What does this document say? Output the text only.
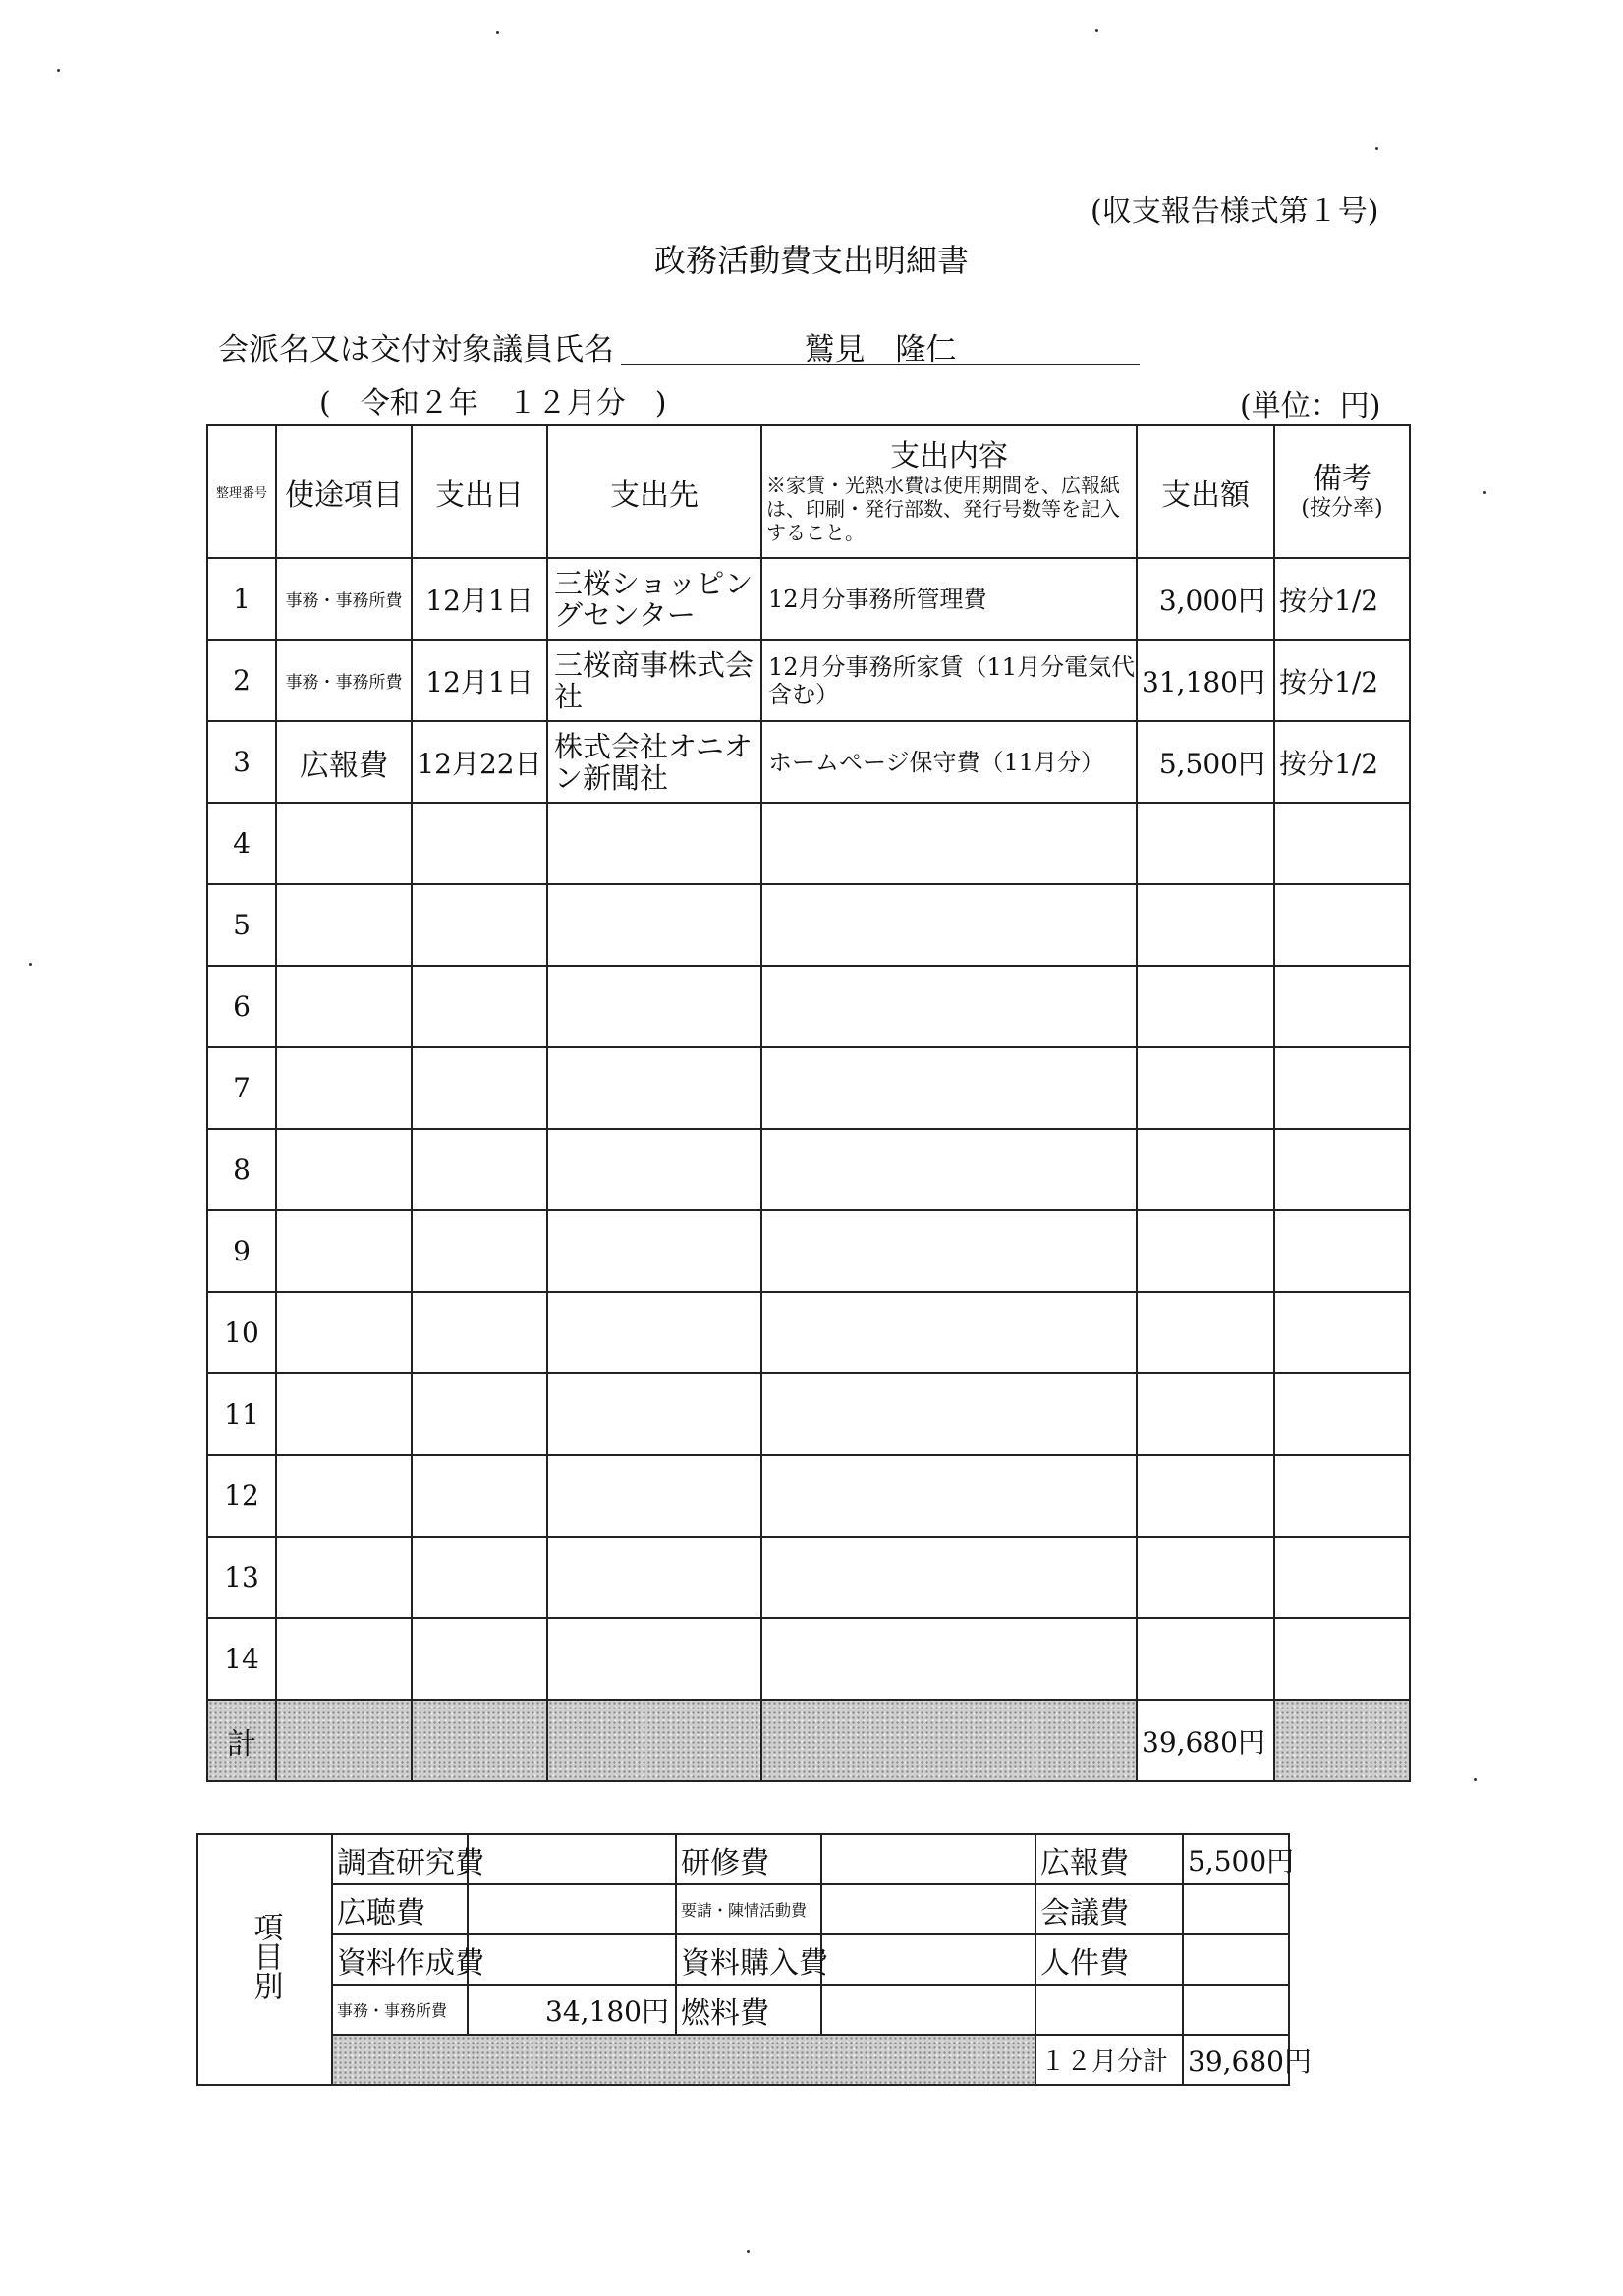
(収支報告様式第１号)
政務活動費支出明細書
会派名又は交付対象議員氏名	鷲見　隆仁
(　令和２年　１２月分　)	(単位：円)
整理番号	使途項目	支出日	支出先	支出内容
※家賃・光熱水費は使用期間を、広報紙は、印刷・発行部数、発行号数等を記入すること。	支出額	備考
(按分率)

1	事務・事務所費	12月1日	三桜ショッピングセンター	12月分事務所管理費	3,000円	按分1/2
2	事務・事務所費	12月1日	三桜商事株式会社	12月分事務所家賃（11月分電気代含む）	31,180円	按分1/2
3	広報費	12月22日	株式会社オニオン新聞社	ホームページ保守費（11月分）	5,500円	按分1/2
4						
5						
6						
7						
8						
9						
10						
11						
12						
13						
14						
計					39,680円	
項目別	調査研究費		研修費			広報費	5,500円

広聴費		要請・陳情活動費			会議費	

資料作成費		資料購入費			人件費	

事務・事務所費	34,180円	燃料費		

１２月分計	39,680円
